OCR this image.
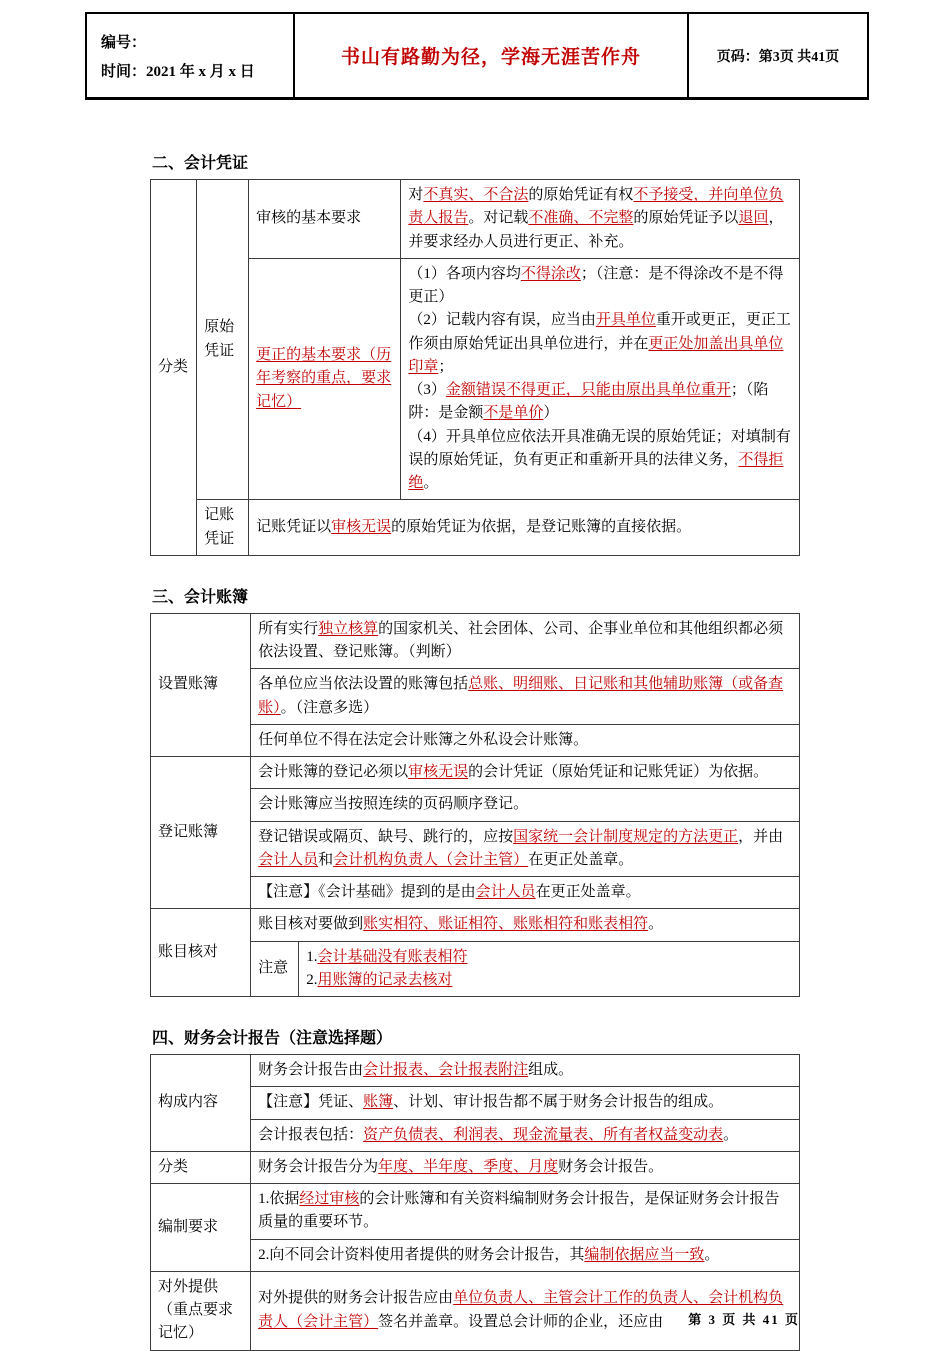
编号：
时间：2021 年 x 月 x 日
书山有路勤为径，学海无涯苦作舟	页码：第3页 共41页
二、会计凭证
分类	原始凭证	审核的基本要求	对不真实、不合法的原始凭证有权不予接受，并向单位负责人报告。对记载不准确、不完整的原始凭证予以退回，并要求经办人员进行更正、补充。
		更正的基本要求（历年考察的重点，要求记忆）	（1）各项内容均不得涂改；（注意：是不得涂改不是不得更正）
（2）记载内容有误，应当由开具单位重开或更正，更正工作须由原始凭证出具单位进行，并在更正处加盖出具单位印章；
（3）金额错误不得更正，只能由原出具单位重开；（陷阱：是金额不是单价）
（4）开具单位应依法开具准确无误的原始凭证；对填制有误的原始凭证，负有更正和重新开具的法律义务，不得拒绝。
	记账凭证	记账凭证以审核无误的原始凭证为依据，是登记账簿的直接依据。	
三、会计账簿
设置账簿	所有实行独立核算的国家机关、社会团体、公司、企事业单位和其他组织都必须依法设置、登记账簿。（判断）	
	各单位应当依法设置的账簿包括总账、明细账、日记账和其他辅助账簿（或备查账）。（注意多选）	
	任何单位不得在法定会计账簿之外私设会计账簿。	
登记账簿	会计账簿的登记必须以审核无误的会计凭证（原始凭证和记账凭证）为依据。	
	会计账簿应当按照连续的页码顺序登记。	
	登记错误或隔页、缺号、跳行的，应按国家统一会计制度规定的方法更正，并由会计人员和会计机构负责人（会计主管）在更正处盖章。	
	【注意】《会计基础》提到的是由会计人员在更正处盖章。	
账目核对	账目核对要做到账实相符、账证相符、账账相符和账表相符。	
	注意	1.会计基础没有账表相符
2.用账簿的记录去核对
四、财务会计报告（注意选择题）
构成内容	财务会计报告由会计报表、会计报表附注组成。
	【注意】凭证、账簿、计划、审计报告都不属于财务会计报告的组成。
	会计报表包括：资产负债表、利润表、现金流量表、所有者权益变动表。
分类	财务会计报告分为年度、半年度、季度、月度财务会计报告。
编制要求	1.依据经过审核的会计账簿和有关资料编制财务会计报告，是保证财务会计报告质量的重要环节。
	2.向不同会计资料使用者提供的财务会计报告，其编制依据应当一致。
对外提供（重点要求记忆）	对外提供的财务会计报告应由单位负责人、主管会计工作的负责人、会计机构负责人（会计主管）签名并盖章。设置总会计师的企业，还应由	第 3 页 共 41 页
